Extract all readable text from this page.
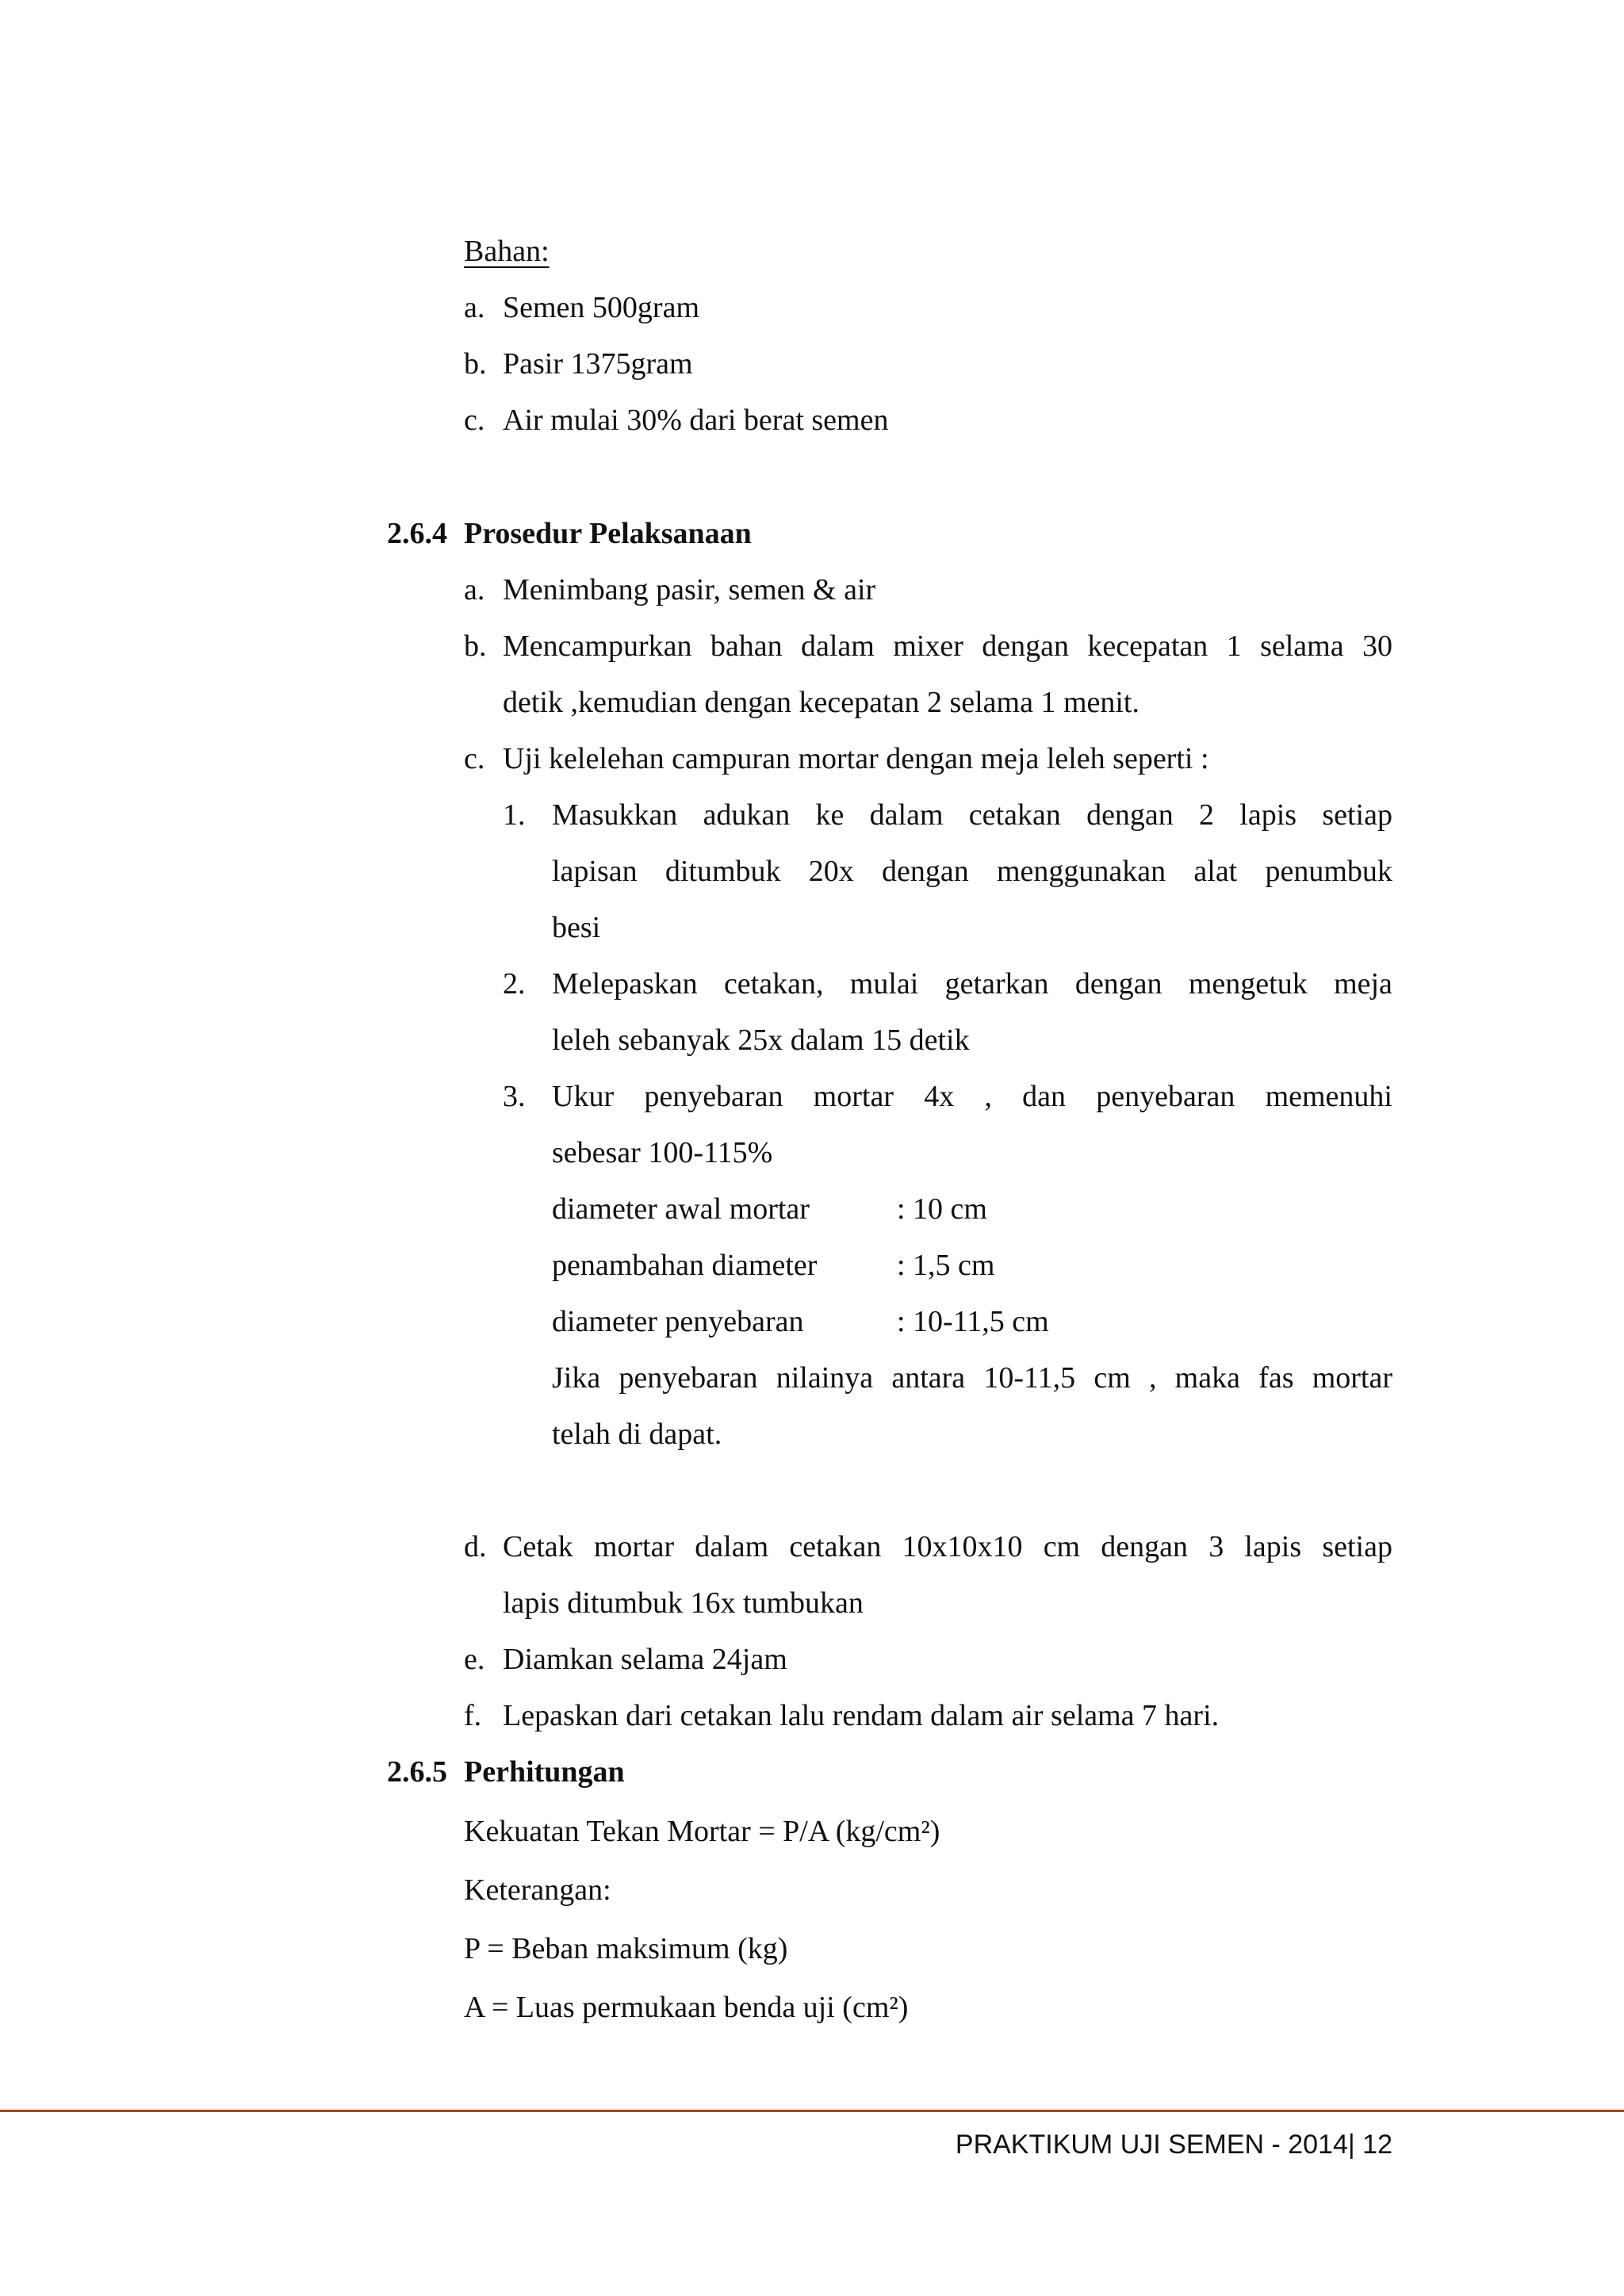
Bahan:
a. Semen 500gram
b. Pasir 1375gram
c. Air mulai 30% dari berat semen
2.6.4 Prosedur Pelaksanaan
a. Menimbang pasir, semen & air
b. Mencampurkan bahan dalam mixer dengan kecepatan 1 selama 30
detik ,kemudian dengan kecepatan 2 selama 1 menit.
c. Uji kelelehan campuran mortar dengan meja leleh seperti :
1. Masukkan adukan ke dalam cetakan dengan 2 lapis setiap
lapisan ditumbuk 20x dengan menggunakan alat penumbuk
besi
2. Melepaskan cetakan, mulai getarkan dengan mengetuk meja
leleh sebanyak 25x dalam 15 detik
3. Ukur penyebaran mortar 4x , dan penyebaran memenuhi
sebesar 100-115%
diameter awal mortar	: 10 cm
penambahan diameter	: 1,5 cm
diameter penyebaran	: 10-11,5 cm
Jika penyebaran nilainya antara 10-11,5 cm , maka fas mortar
telah di dapat.
d. Cetak mortar dalam cetakan 10x10x10 cm dengan 3 lapis setiap
lapis ditumbuk 16x tumbukan
e. Diamkan selama 24jam
f. Lepaskan dari cetakan lalu rendam dalam air selama 7 hari.
2.6.5 Perhitungan
Kekuatan Tekan Mortar = P/A (kg/cm²)
Keterangan:
P = Beban maksimum (kg)
A = Luas permukaan benda uji (cm²)
PRAKTIKUM UJI SEMEN - 2014| 12
